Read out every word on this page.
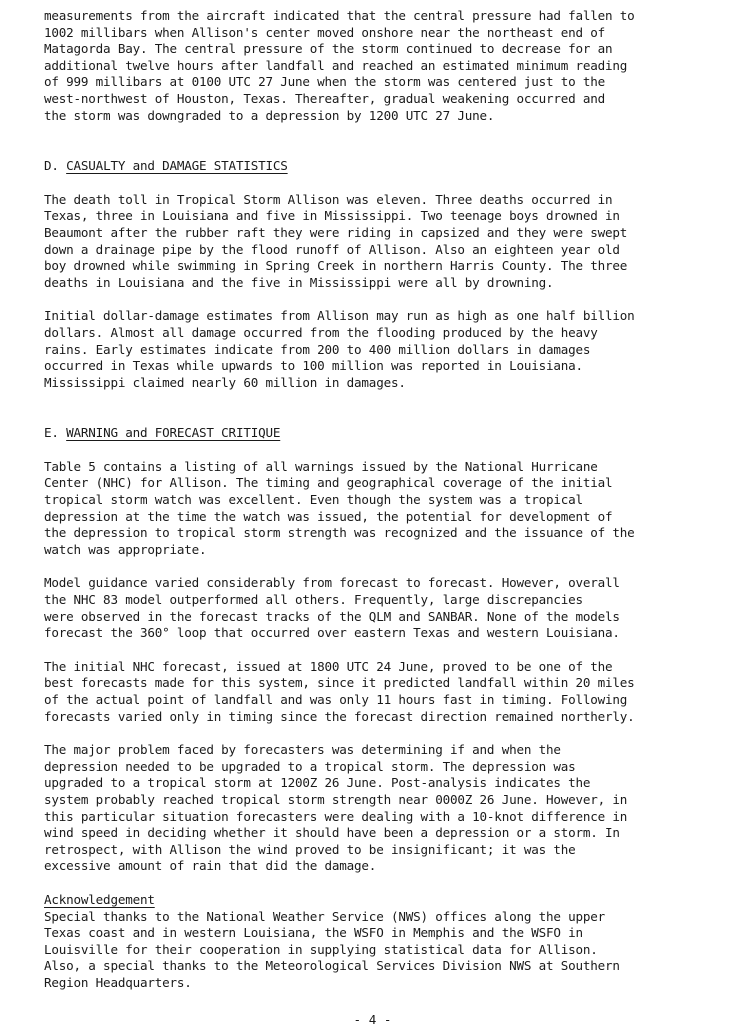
measurements from the aircraft indicated that the central pressure had fallen to
1002 millibars when Allison's center moved onshore near the northeast end of
Matagorda Bay. The central pressure of the storm continued to decrease for an
additional twelve hours after landfall and reached an estimated minimum reading
of 999 millibars at 0100 UTC 27 June when the storm was centered just to the
west-northwest of Houston, Texas. Thereafter, gradual weakening occurred and
the storm was downgraded to a depression by 1200 UTC 27 June.

D. CASUALTY and DAMAGE STATISTICS

The death toll in Tropical Storm Allison was eleven. Three deaths occurred in
Texas, three in Louisiana and five in Mississippi. Two teenage boys drowned in
Beaumont after the rubber raft they were riding in capsized and they were swept
down a drainage pipe by the flood runoff of Allison. Also an eighteen year old
boy drowned while swimming in Spring Creek in northern Harris County. The three
deaths in Louisiana and the five in Mississippi were all by drowning.

Initial dollar-damage estimates from Allison may run as high as one half billion
dollars. Almost all damage occurred from the flooding produced by the heavy
rains. Early estimates indicate from 200 to 400 million dollars in damages
occurred in Texas while upwards to 100 million was reported in Louisiana.
Mississippi claimed nearly 60 million in damages.

E. WARNING and FORECAST CRITIQUE

Table 5 contains a listing of all warnings issued by the National Hurricane
Center (NHC) for Allison. The timing and geographical coverage of the initial
tropical storm watch was excellent. Even though the system was a tropical
depression at the time the watch was issued, the potential for development of
the depression to tropical storm strength was recognized and the issuance of the
watch was appropriate.

Model guidance varied considerably from forecast to forecast. However, overall
the NHC 83 model outperformed all others. Frequently, large discrepancies
were observed in the forecast tracks of the QLM and SANBAR. None of the models
forecast the 360° loop that occurred over eastern Texas and western Louisiana.

The initial NHC forecast, issued at 1800 UTC 24 June, proved to be one of the
best forecasts made for this system, since it predicted landfall within 20 miles
of the actual point of landfall and was only 11 hours fast in timing. Following
forecasts varied only in timing since the forecast direction remained northerly.

The major problem faced by forecasters was determining if and when the
depression needed to be upgraded to a tropical storm. The depression was
upgraded to a tropical storm at 1200Z 26 June. Post-analysis indicates the
system probably reached tropical storm strength near 0000Z 26 June. However, in
this particular situation forecasters were dealing with a 10-knot difference in
wind speed in deciding whether it should have been a depression or a storm. In
retrospect, with Allison the wind proved to be insignificant; it was the
excessive amount of rain that did the damage.

Acknowledgement

Special thanks to the National Weather Service (NWS) offices along the upper
Texas coast and in western Louisiana, the WSFO in Memphis and the WSFO in
Louisville for their cooperation in supplying statistical data for Allison.
Also, a special thanks to the Meteorological Services Division NWS at Southern
Region Headquarters.

- 4 -
